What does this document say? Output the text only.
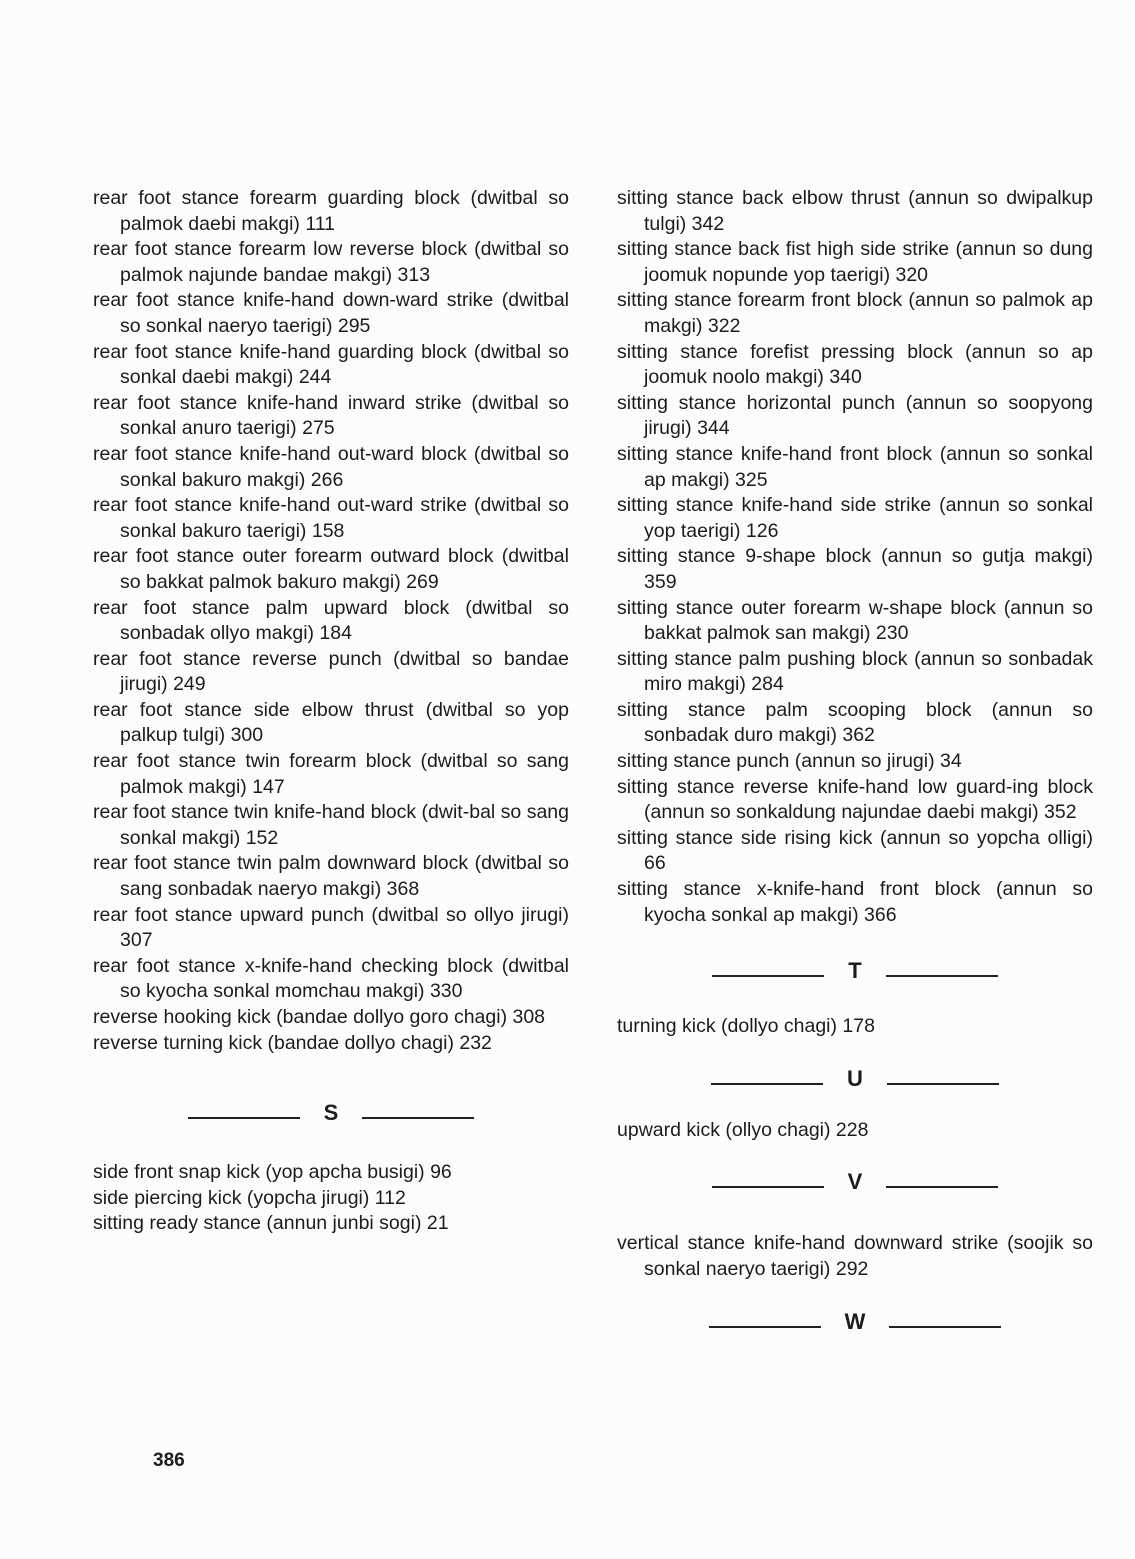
rear foot stance forearm guarding block (dwitbal so palmok daebi makgi) 111
rear foot stance forearm low reverse block (dwitbal so palmok najunde bandae makgi) 313
rear foot stance knife-hand down-ward strike (dwitbal so sonkal naeryo taerigi) 295
rear foot stance knife-hand guarding block (dwitbal so sonkal daebi makgi) 244
rear foot stance knife-hand inward strike (dwitbal so sonkal anuro taerigi) 275
rear foot stance knife-hand out-ward block (dwitbal so sonkal bakuro makgi) 266
rear foot stance knife-hand out-ward strike (dwitbal so sonkal bakuro taerigi) 158
rear foot stance outer forearm outward block (dwitbal so bakkat palmok bakuro makgi) 269
rear foot stance palm upward block (dwitbal so sonbadak ollyo makgi) 184
rear foot stance reverse punch (dwitbal so bandae jirugi) 249
rear foot stance side elbow thrust (dwitbal so yop palkup tulgi) 300
rear foot stance twin forearm block (dwitbal so sang palmok makgi) 147
rear foot stance twin knife-hand block (dwit-bal so sang sonkal makgi) 152
rear foot stance twin palm downward block (dwitbal so sang sonbadak naeryo makgi) 368
rear foot stance upward punch (dwitbal so ollyo jirugi) 307
rear foot stance x-knife-hand checking block (dwitbal so kyocha sonkal momchau makgi) 330
reverse hooking kick (bandae dollyo goro chagi) 308
reverse turning kick (bandae dollyo chagi) 232
S
side front snap kick (yop apcha busigi) 96
side piercing kick (yopcha jirugi) 112
sitting ready stance (annun junbi sogi) 21
sitting stance back elbow thrust (annun so dwipalkup tulgi) 342
sitting stance back fist high side strike (annun so dung joomuk nopunde yop taerigi) 320
sitting stance forearm front block (annun so palmok ap makgi) 322
sitting stance forefist pressing block (annun so ap joomuk noolo makgi) 340
sitting stance horizontal punch (annun so soopyong jirugi) 344
sitting stance knife-hand front block (annun so sonkal ap makgi) 325
sitting stance knife-hand side strike (annun so sonkal yop taerigi) 126
sitting stance 9-shape block (annun so gutja makgi) 359
sitting stance outer forearm w-shape block (annun so bakkat palmok san makgi) 230
sitting stance palm pushing block (annun so sonbadak miro makgi) 284
sitting stance palm scooping block (annun so sonbadak duro makgi) 362
sitting stance punch (annun so jirugi) 34
sitting stance reverse knife-hand low guard-ing block (annun so sonkaldung najundae daebi makgi) 352
sitting stance side rising kick (annun so yopcha olligi) 66
sitting stance x-knife-hand front block (annun so kyocha sonkal ap makgi) 366
T
turning kick (dollyo chagi) 178
U
upward kick (ollyo chagi) 228
V
vertical stance knife-hand downward strike (soojik so sonkal naeryo taerigi) 292
W
386
